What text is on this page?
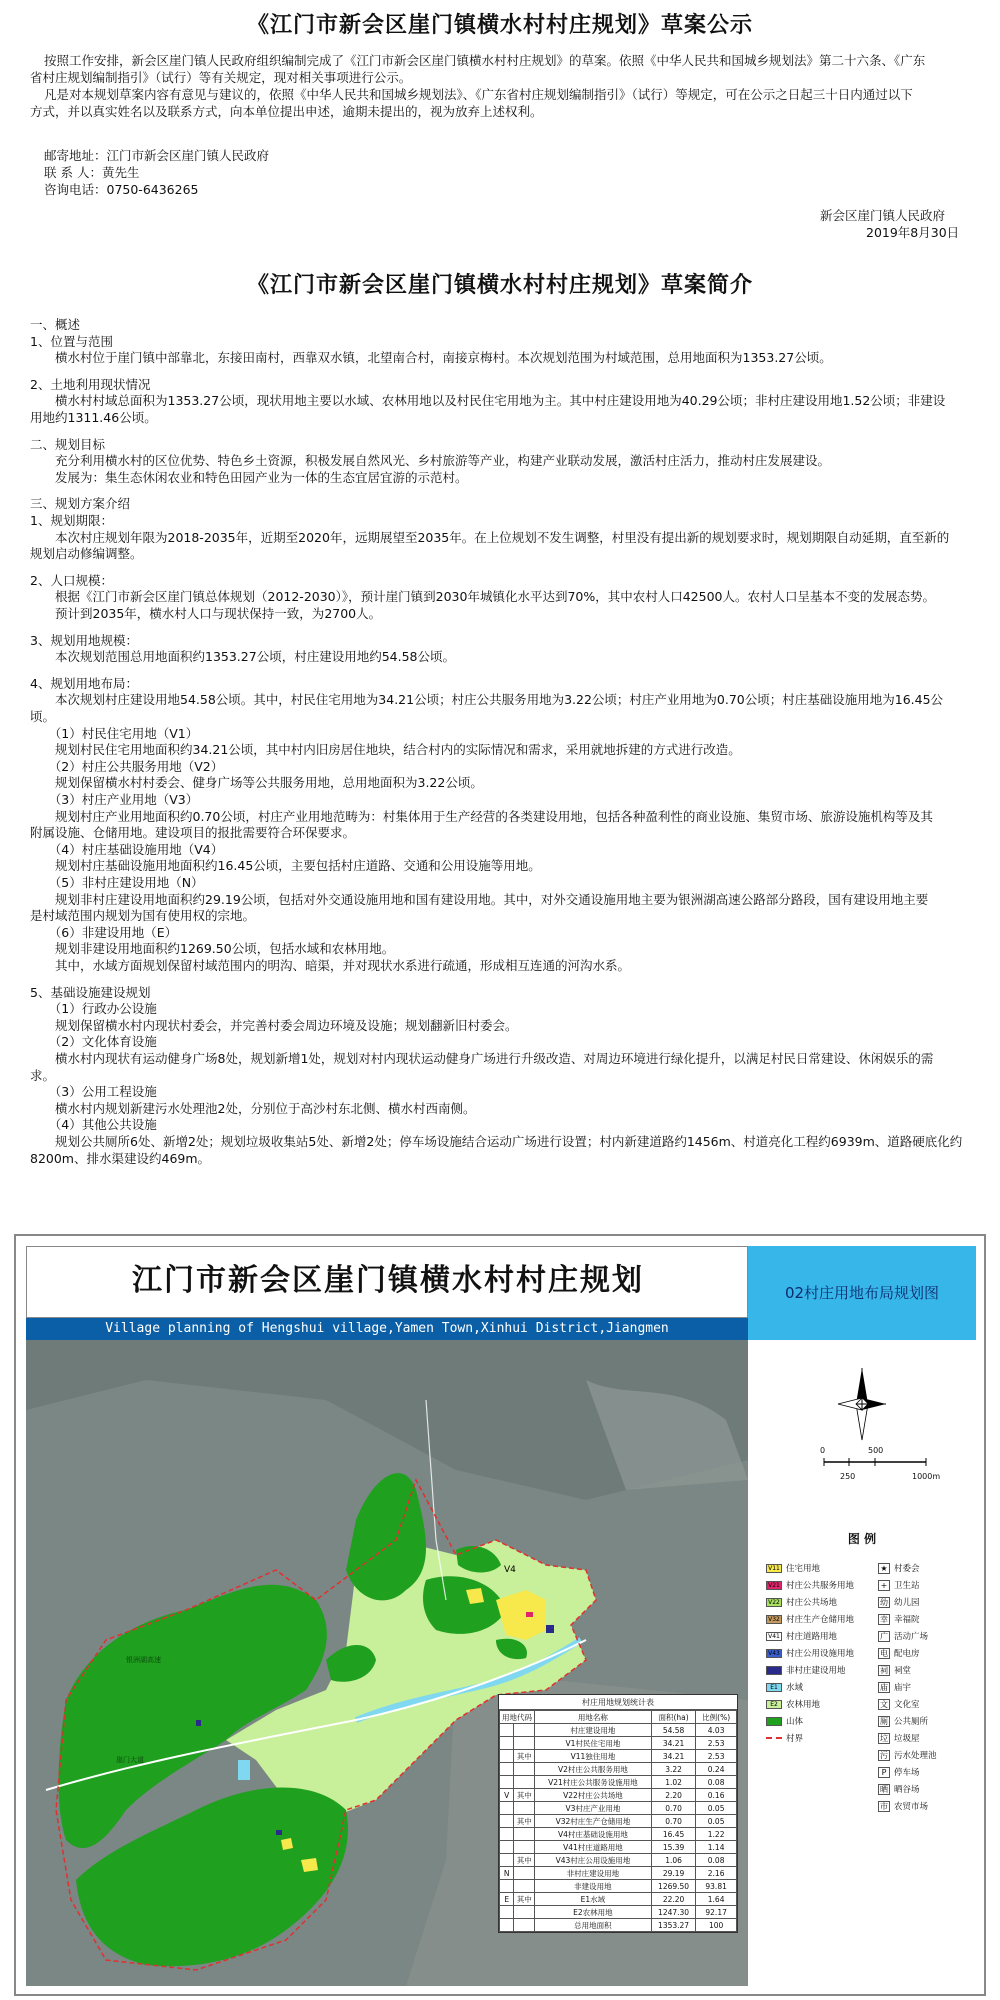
《江门市新会区崖门镇横水村村庄规划》草案公示
按照工作安排，新会区崖门镇人民政府组织编制完成了《江门市新会区崖门镇横水村村庄规划》的草案。依照《中华人民共和国城乡规划法》第二十六条、《广东
省村庄规划编制指引》（试行）等有关规定，现对相关事项进行公示。
凡是对本规划草案内容有意见与建议的，依照《中华人民共和国城乡规划法》、《广东省村庄规划编制指引》（试行）等规定，可在公示之日起三十日内通过以下
方式，并以真实姓名以及联系方式，向本单位提出申述，逾期未提出的，视为放弃上述权利。
邮寄地址：江门市新会区崖门镇人民政府
联 系 人：黄先生
咨询电话：0750-6436265
新会区崖门镇人民政府
2019年8月30日
《江门市新会区崖门镇横水村村庄规划》草案简介
一、概述
1、位置与范围
　　横水村位于崖门镇中部靠北，东接田南村，西靠双水镇，北望南合村，南接京梅村。本次规划范围为村域范围，总用地面积为1353.27公顷。
2、土地利用现状情况
　　横水村村域总面积为1353.27公顷，现状用地主要以水域、农林用地以及村民住宅用地为主。其中村庄建设用地为40.29公顷；非村庄建设用地1.52公顷；非建设
用地约1311.46公顷。
二、规划目标
　　充分利用横水村的区位优势、特色乡土资源，积极发展自然风光、乡村旅游等产业，构建产业联动发展，激活村庄活力，推动村庄发展建设。
　　发展为：集生态休闲农业和特色田园产业为一体的生态宜居宜游的示范村。
三、规划方案介绍
1、规划期限：
　　本次村庄规划年限为2018-2035年，近期至2020年，远期展望至2035年。在上位规划不发生调整，村里没有提出新的规划要求时，规划期限自动延期，直至新的
规划启动修编调整。
2、人口规模：
　　根据《江门市新会区崖门镇总体规划（2012-2030）》，预计崖门镇到2030年城镇化水平达到70%，其中农村人口42500人。农村人口呈基本不变的发展态势。
　　预计到2035年，横水村人口与现状保持一致，为2700人。
3、规划用地规模：
　　本次规划范围总用地面积约1353.27公顷，村庄建设用地约54.58公顷。
4、规划用地布局：
　　本次规划村庄建设用地54.58公顷。其中，村民住宅用地为34.21公顷；村庄公共服务用地为3.22公顷；村庄产业用地为0.70公顷；村庄基础设施用地为16.45公
顷。
　　（1）村民住宅用地（V1）
　　规划村民住宅用地面积约34.21公顷，其中村内旧房居住地块，结合村内的实际情况和需求，采用就地拆建的方式进行改造。
　　（2）村庄公共服务用地（V2）
　　规划保留横水村村委会、健身广场等公共服务用地，总用地面积为3.22公顷。
　　（3）村庄产业用地（V3）
　　规划村庄产业用地面积约0.70公顷，村庄产业用地范畴为：村集体用于生产经营的各类建设用地，包括各种盈利性的商业设施、集贸市场、旅游设施机构等及其
附属设施、仓储用地。建设项目的报批需要符合环保要求。
　　（4）村庄基础设施用地（V4）
　　规划村庄基础设施用地面积约16.45公顷，主要包括村庄道路、交通和公用设施等用地。
　　（5）非村庄建设用地（N）
　　规划非村庄建设用地面积约29.19公顷，包括对外交通设施用地和国有建设用地。其中，对外交通设施用地主要为银洲湖高速公路部分路段，国有建设用地主要
是村域范围内规划为国有使用权的宗地。
　　（6）非建设用地（E）
　　规划非建设用地面积约1269.50公顷，包括水域和农林用地。
　　其中，水域方面规划保留村域范围内的明沟、暗渠，并对现状水系进行疏通，形成相互连通的河沟水系。
5、基础设施建设规划
　　（1）行政办公设施
　　规划保留横水村内现状村委会，并完善村委会周边环境及设施；规划翻新旧村委会。
　　（2）文化体育设施
　　横水村内现状有运动健身广场8处，规划新增1处，规划对村内现状运动健身广场进行升级改造、对周边环境进行绿化提升，以满足村民日常建设、休闲娱乐的需
求。
　　（3）公用工程设施
　　横水村内规划新建污水处理池2处，分别位于高沙村东北侧、横水村西南侧。
　　（4）其他公共设施
　　规划公共厕所6处、新增2处；规划垃圾收集站5处、新增2处；停车场设施结合运动广场进行设置；村内新建道路约1456m、村道亮化工程约6939m、道路硬底化约
8200m、排水渠建设约469m。
江门市新会区崖门镇横水村村庄规划
Village planning of Hengshui village,Yamen Town,Xinhui District,Jiangmen
02村庄用地布局规划图
V4
银洲湖高速
崖门大道
0	500
250	1000m
图 例
V11 住宅用地
V21 村庄公共服务用地
V22 村庄公共场地
V32 村庄生产仓储用地
V41 村庄道路用地
V43 村庄公用设施用地
非村庄建设用地
E1 水域
E2 农林用地
山体
村界
★ 村委会
+ 卫生站
幼 幼儿园
幸 幸福院
广 活动广场
电 配电房
祠 祠堂
庙 庙宇
文 文化室
厕 公共厕所
垃 垃圾屋
污 污水处理池
P 停车场
晒 晒谷场
市 农贸市场
村庄用地规划统计表
用地代码		用地名称	面积(ha)	比例(%)
		村庄建设用地	54.58	4.03
		V1村民住宅用地	34.21	2.53
	其中	V11独住用地	34.21	2.53
		V2村庄公共服务用地	3.22	0.24
		V21村庄公共服务设施用地	1.02	0.08
V	其中	V22村庄公共场地	2.20	0.16
		V3村庄产业用地	0.70	0.05
	其中	V32村庄生产仓储用地	0.70	0.05
		V4村庄基础设施用地	16.45	1.22
		V41村庄道路用地	15.39	1.14
	其中	V43村庄公用设施用地	1.06	0.08
N		非村庄建设用地	29.19	2.16
		非建设用地	1269.50	93.81
E	其中	E1水域	22.20	1.64
		E2农林用地	1247.30	92.17
		总用地面积	1353.27	100
